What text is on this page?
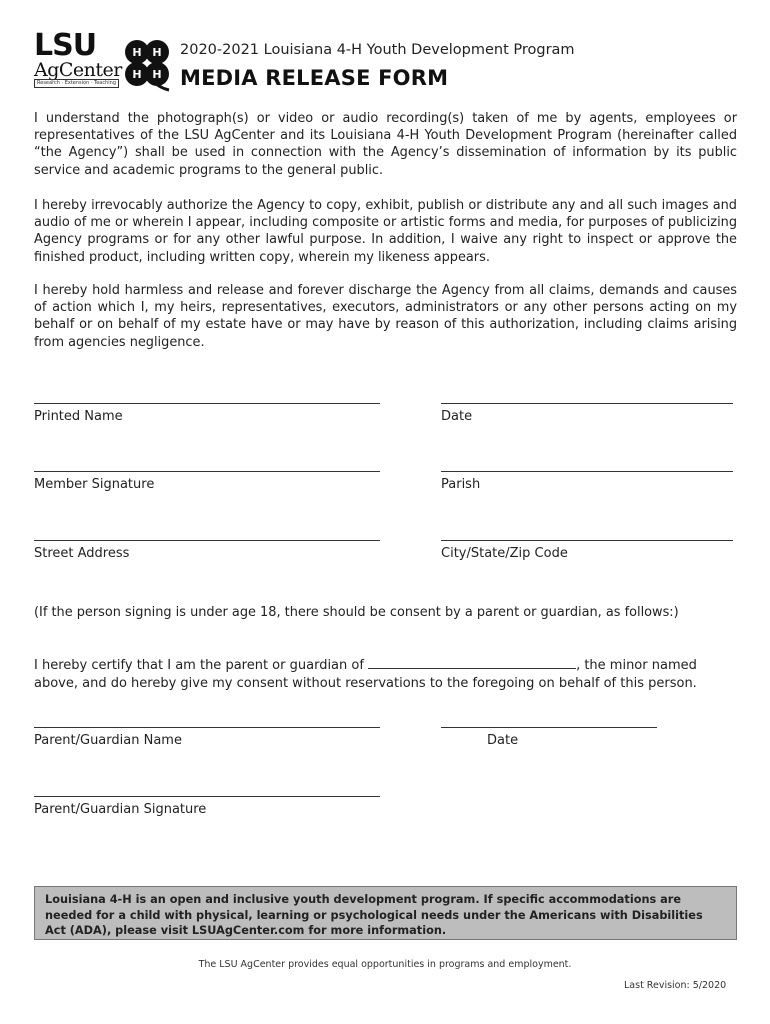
LSU
AgCenter
Research · Extension · Teaching
H H
H H
2020-2021 Louisiana 4-H Youth Development Program
MEDIA RELEASE FORM

I understand the photograph(s) or video or audio recording(s) taken of me by agents, employees or representatives of the LSU AgCenter and its Louisiana 4-H Youth Development Program (hereinafter called “the Agency”) shall be used in connection with the Agency’s dissemination of information by its public service and academic programs to the general public.

I hereby irrevocably authorize the Agency to copy, exhibit, publish or distribute any and all such images and audio of me or wherein I appear, including composite or artistic forms and media, for purposes of publicizing Agency programs or for any other lawful purpose. In addition, I waive any right to inspect or approve the finished product, including written copy, wherein my likeness appears.

I hereby hold harmless and release and forever discharge the Agency from all claims, demands and causes of action which I, my heirs, representatives, executors, administrators or any other persons acting on my behalf or on behalf of my estate have or may have by reason of this authorization, including claims arising from agencies negligence.

Printed Name	Date
Member Signature	Parish
Street Address	City/State/Zip Code
(If the person signing is under age 18, there should be consent by a parent or guardian, as follows:)

I hereby certify that I am the parent or guardian of	, the minor named above, and do hereby give my consent without reservations to the foregoing on behalf of this person.

Parent/Guardian Name	Date
Parent/Guardian Signature

Louisiana 4-H is an open and inclusive youth development program. If specific accommodations are needed for a child with physical, learning or psychological needs under the Americans with Disabilities Act (ADA), please visit LSUAgCenter.com for more information.

The LSU AgCenter provides equal opportunities in programs and employment.
Last Revision: 5/2020
